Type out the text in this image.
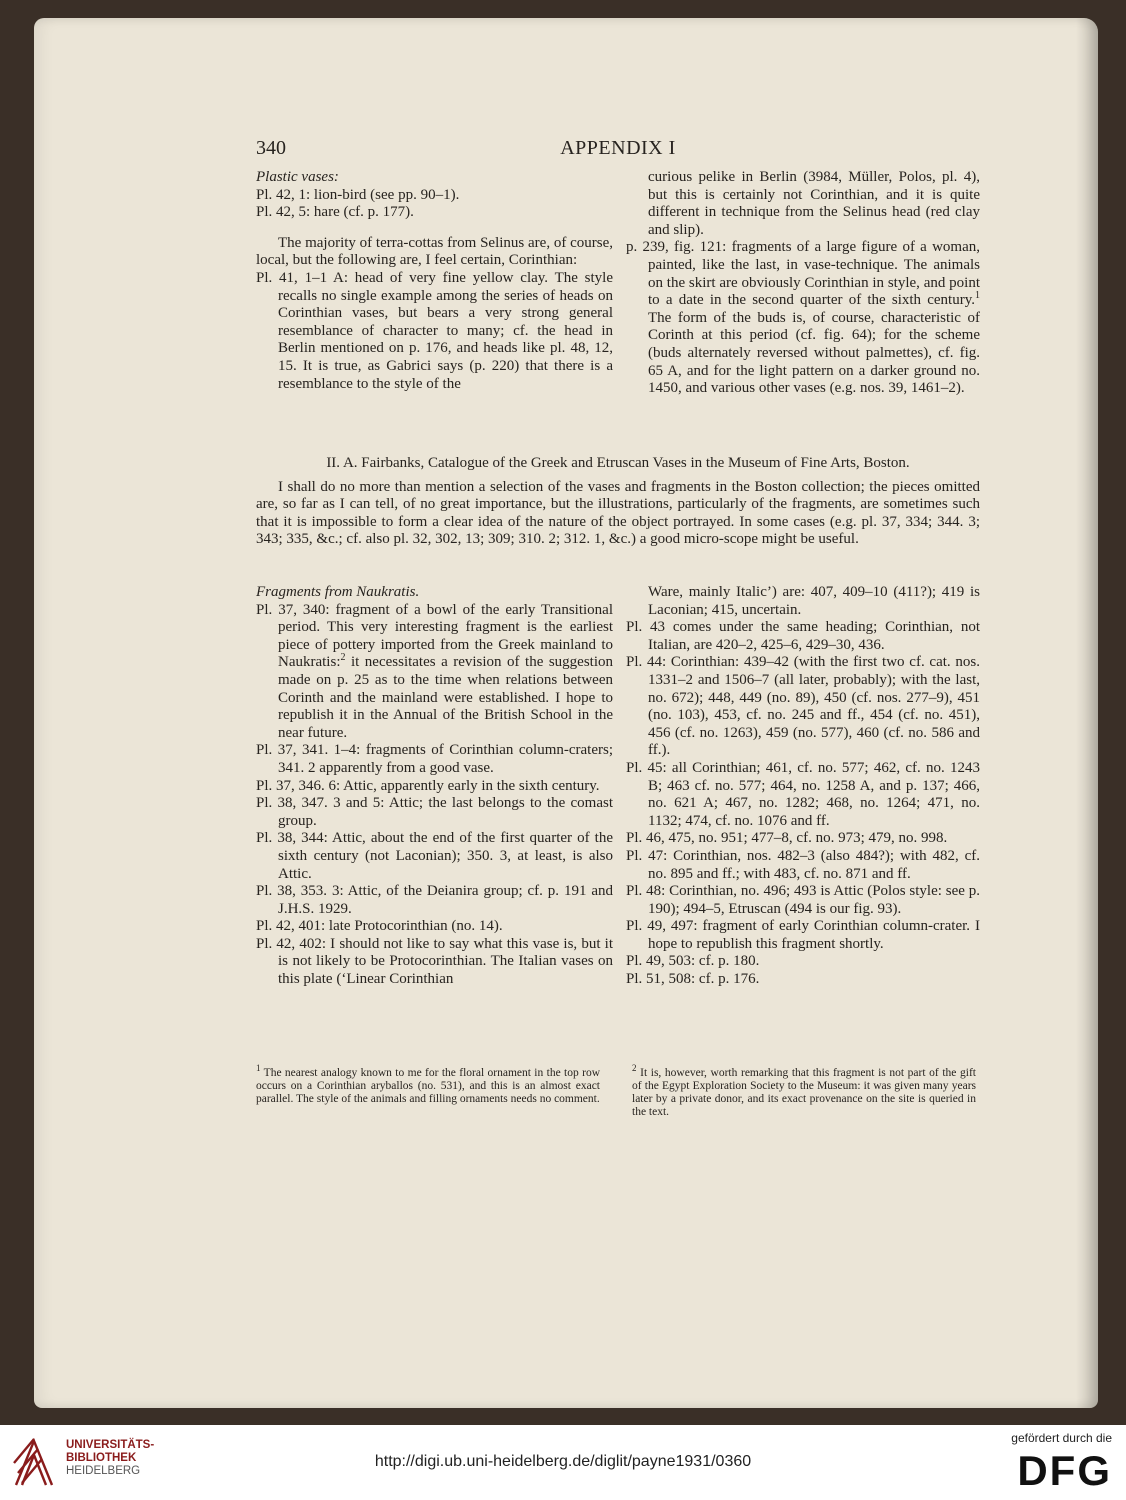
340	APPENDIX I

Plastic vases:

Pl. 42, 1: lion-bird (see pp. 90–1).

Pl. 42, 5: hare (cf. p. 177).

The majority of terra-cottas from Selinus are, of course, local, but the following are, I feel certain, Corinthian:

Pl. 41, 1–1 A: head of very fine yellow clay. The style recalls no single example among the series of heads on Corinthian vases, but bears a very strong general resemblance of character to many; cf. the head in Berlin mentioned on p. 176, and heads like pl. 48, 12, 15. It is true, as Gabrici says (p. 220) that there is a resemblance to the style of the

curious pelike in Berlin (3984, Müller, Polos, pl. 4), but this is certainly not Corinthian, and it is quite different in technique from the Selinus head (red clay and slip).

p. 239, fig. 121: fragments of a large figure of a woman, painted, like the last, in vase-technique. The animals on the skirt are obviously Corinthian in style, and point to a date in the second quarter of the sixth century.$^1$ The form of the buds is, of course, characteristic of Corinth at this period (cf. fig. 64); for the scheme (buds alternately reversed without palmettes), cf. fig. 65 A, and for the light pattern on a darker ground no. 1450, and various other vases (e.g. nos. 39, 1461–2).

II. A. Fairbanks, Catalogue of the Greek and Etruscan Vases in the Museum of Fine Arts, Boston.

I shall do no more than mention a selection of the vases and fragments in the Boston collection; the pieces omitted are, so far as I can tell, of no great importance, but the illustrations, particularly of the fragments, are sometimes such that it is impossible to form a clear idea of the nature of the object portrayed. In some cases (e.g. pl. 37, 334; 344. 3; 343; 335, &c.; cf. also pl. 32, 302, 13; 309; 310. 2; 312. 1, &c.) a good micro-scope might be useful.

Fragments from Naukratis.

Pl. 37, 340: fragment of a bowl of the early Transitional period. This very interesting fragment is the earliest piece of pottery imported from the Greek mainland to Naukratis:$^2$ it necessitates a revision of the suggestion made on p. 25 as to the time when relations between Corinth and the mainland were established. I hope to republish it in the Annual of the British School in the near future.

Pl. 37, 341. 1–4: fragments of Corinthian column-craters; 341. 2 apparently from a good vase.

Pl. 37, 346. 6: Attic, apparently early in the sixth century.

Pl. 38, 347. 3 and 5: Attic; the last belongs to the comast group.

Pl. 38, 344: Attic, about the end of the first quarter of the sixth century (not Laconian); 350. 3, at least, is also Attic.

Pl. 38, 353. 3: Attic, of the Deianira group; cf. p. 191 and J.H.S. 1929.

Pl. 42, 401: late Protocorinthian (no. 14).

Pl. 42, 402: I should not like to say what this vase is, but it is not likely to be Protocorinthian. The Italian vases on this plate (‘Linear Corinthian

Ware, mainly Italic’) are: 407, 409–10 (411?); 419 is Laconian; 415, uncertain.

Pl. 43 comes under the same heading; Corinthian, not Italian, are 420–2, 425–6, 429–30, 436.

Pl. 44: Corinthian: 439–42 (with the first two cf. cat. nos. 1331–2 and 1506–7 (all later, probably); with the last, no. 672); 448, 449 (no. 89), 450 (cf. nos. 277–9), 451 (no. 103), 453, cf. no. 245 and ff., 454 (cf. no. 451), 456 (cf. no. 1263), 459 (no. 577), 460 (cf. no. 586 and ff.).

Pl. 45: all Corinthian; 461, cf. no. 577; 462, cf. no. 1243 B; 463 cf. no. 577; 464, no. 1258 A, and p. 137; 466, no. 621 A; 467, no. 1282; 468, no. 1264; 471, no. 1132; 474, cf. no. 1076 and ff.

Pl. 46, 475, no. 951; 477–8, cf. no. 973; 479, no. 998.

Pl. 47: Corinthian, nos. 482–3 (also 484?); with 482, cf. no. 895 and ff.; with 483, cf. no. 871 and ff.

Pl. 48: Corinthian, no. 496; 493 is Attic (Polos style: see p. 190); 494–5, Etruscan (494 is our fig. 93).

Pl. 49, 497: fragment of early Corinthian column-crater. I hope to republish this fragment shortly.

Pl. 49, 503: cf. p. 180.

Pl. 51, 508: cf. p. 176.

$^1$ The nearest analogy known to me for the floral ornament in the top row occurs on a Corinthian aryballos (no. 531), and this is an almost exact parallel. The style of the animals and filling ornaments needs no comment.
$^2$ It is, however, worth remarking that this fragment is not part of the gift of the Egypt Exploration Society to the Museum: it was given many years later by a private donor, and its exact provenance on the site is queried in the text.
UNIVERSITÄTS-
BIBLIOTHEK
HEIDELBERG
http://digi.ub.uni-heidelberg.de/diglit/payne1931/0360
gefördert durch die
DFG
